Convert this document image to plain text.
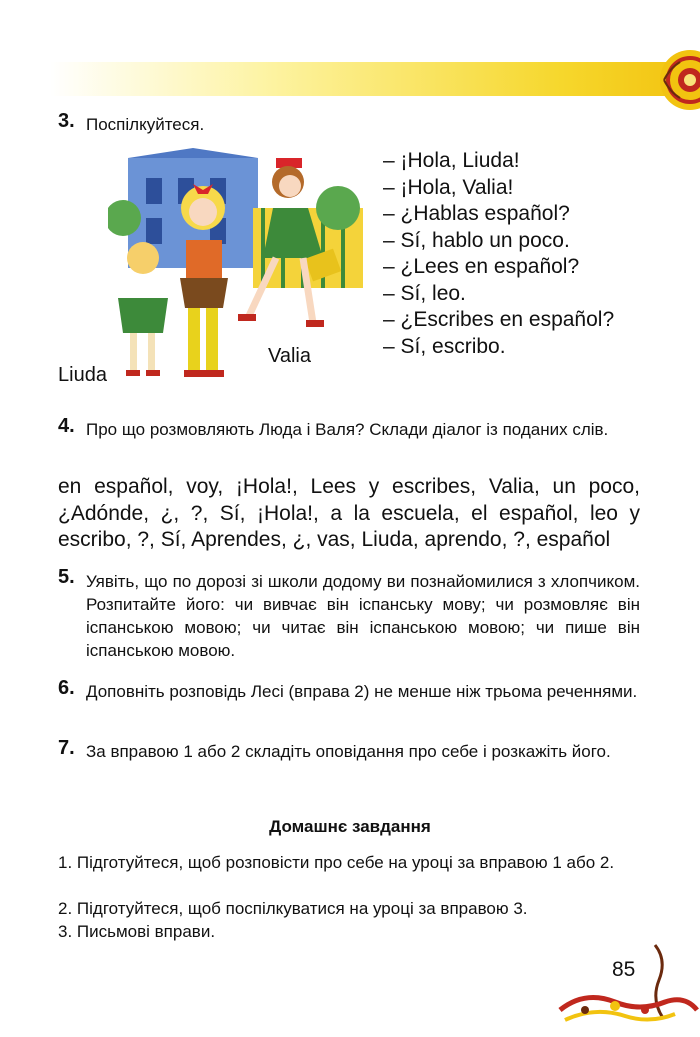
3. Поспілкуйтеся.
Liuda
Valia
– ¡Hola, Liuda!
– ¡Hola, Valia!
– ¿Hablas español?
– Sí, hablo un poco.
– ¿Lees en español?
– Sí, leo.
– ¿Escribes en español?
– Sí, escribo.
4. Про що розмовляють Люда і Валя? Склади діалог із поданих слів.
en español, voy, ¡Hola!, Lees y escribes, Valia, un poco, ¿Adónde, ¿, ?, Sí, ¡Hola!, a la escuela, el español, leo y escribo, ?, Sí, Aprendes, ¿, vas, Liuda, aprendo, ?, español
5. Уявіть, що по дорозі зі школи додому ви познайомилися з хлопчиком. Розпитайте його: чи вивчає він іспанську мову; чи розмовляє він іспанською мовою; чи читає він іспанською мовою; чи пише він іспанською мовою.
6. Доповніть розповідь Лесі (вправа 2) не менше ніж трьома реченнями.
7. За вправою 1 або 2 складіть оповідання про себе і розкажіть його.
Домашнє завдання
1. Підготуйтеся, щоб розповісти про себе на уроці за вправою 1 або 2.
2. Підготуйтеся, щоб поспілкуватися на уроці за вправою 3.
3. Письмові вправи.
85
